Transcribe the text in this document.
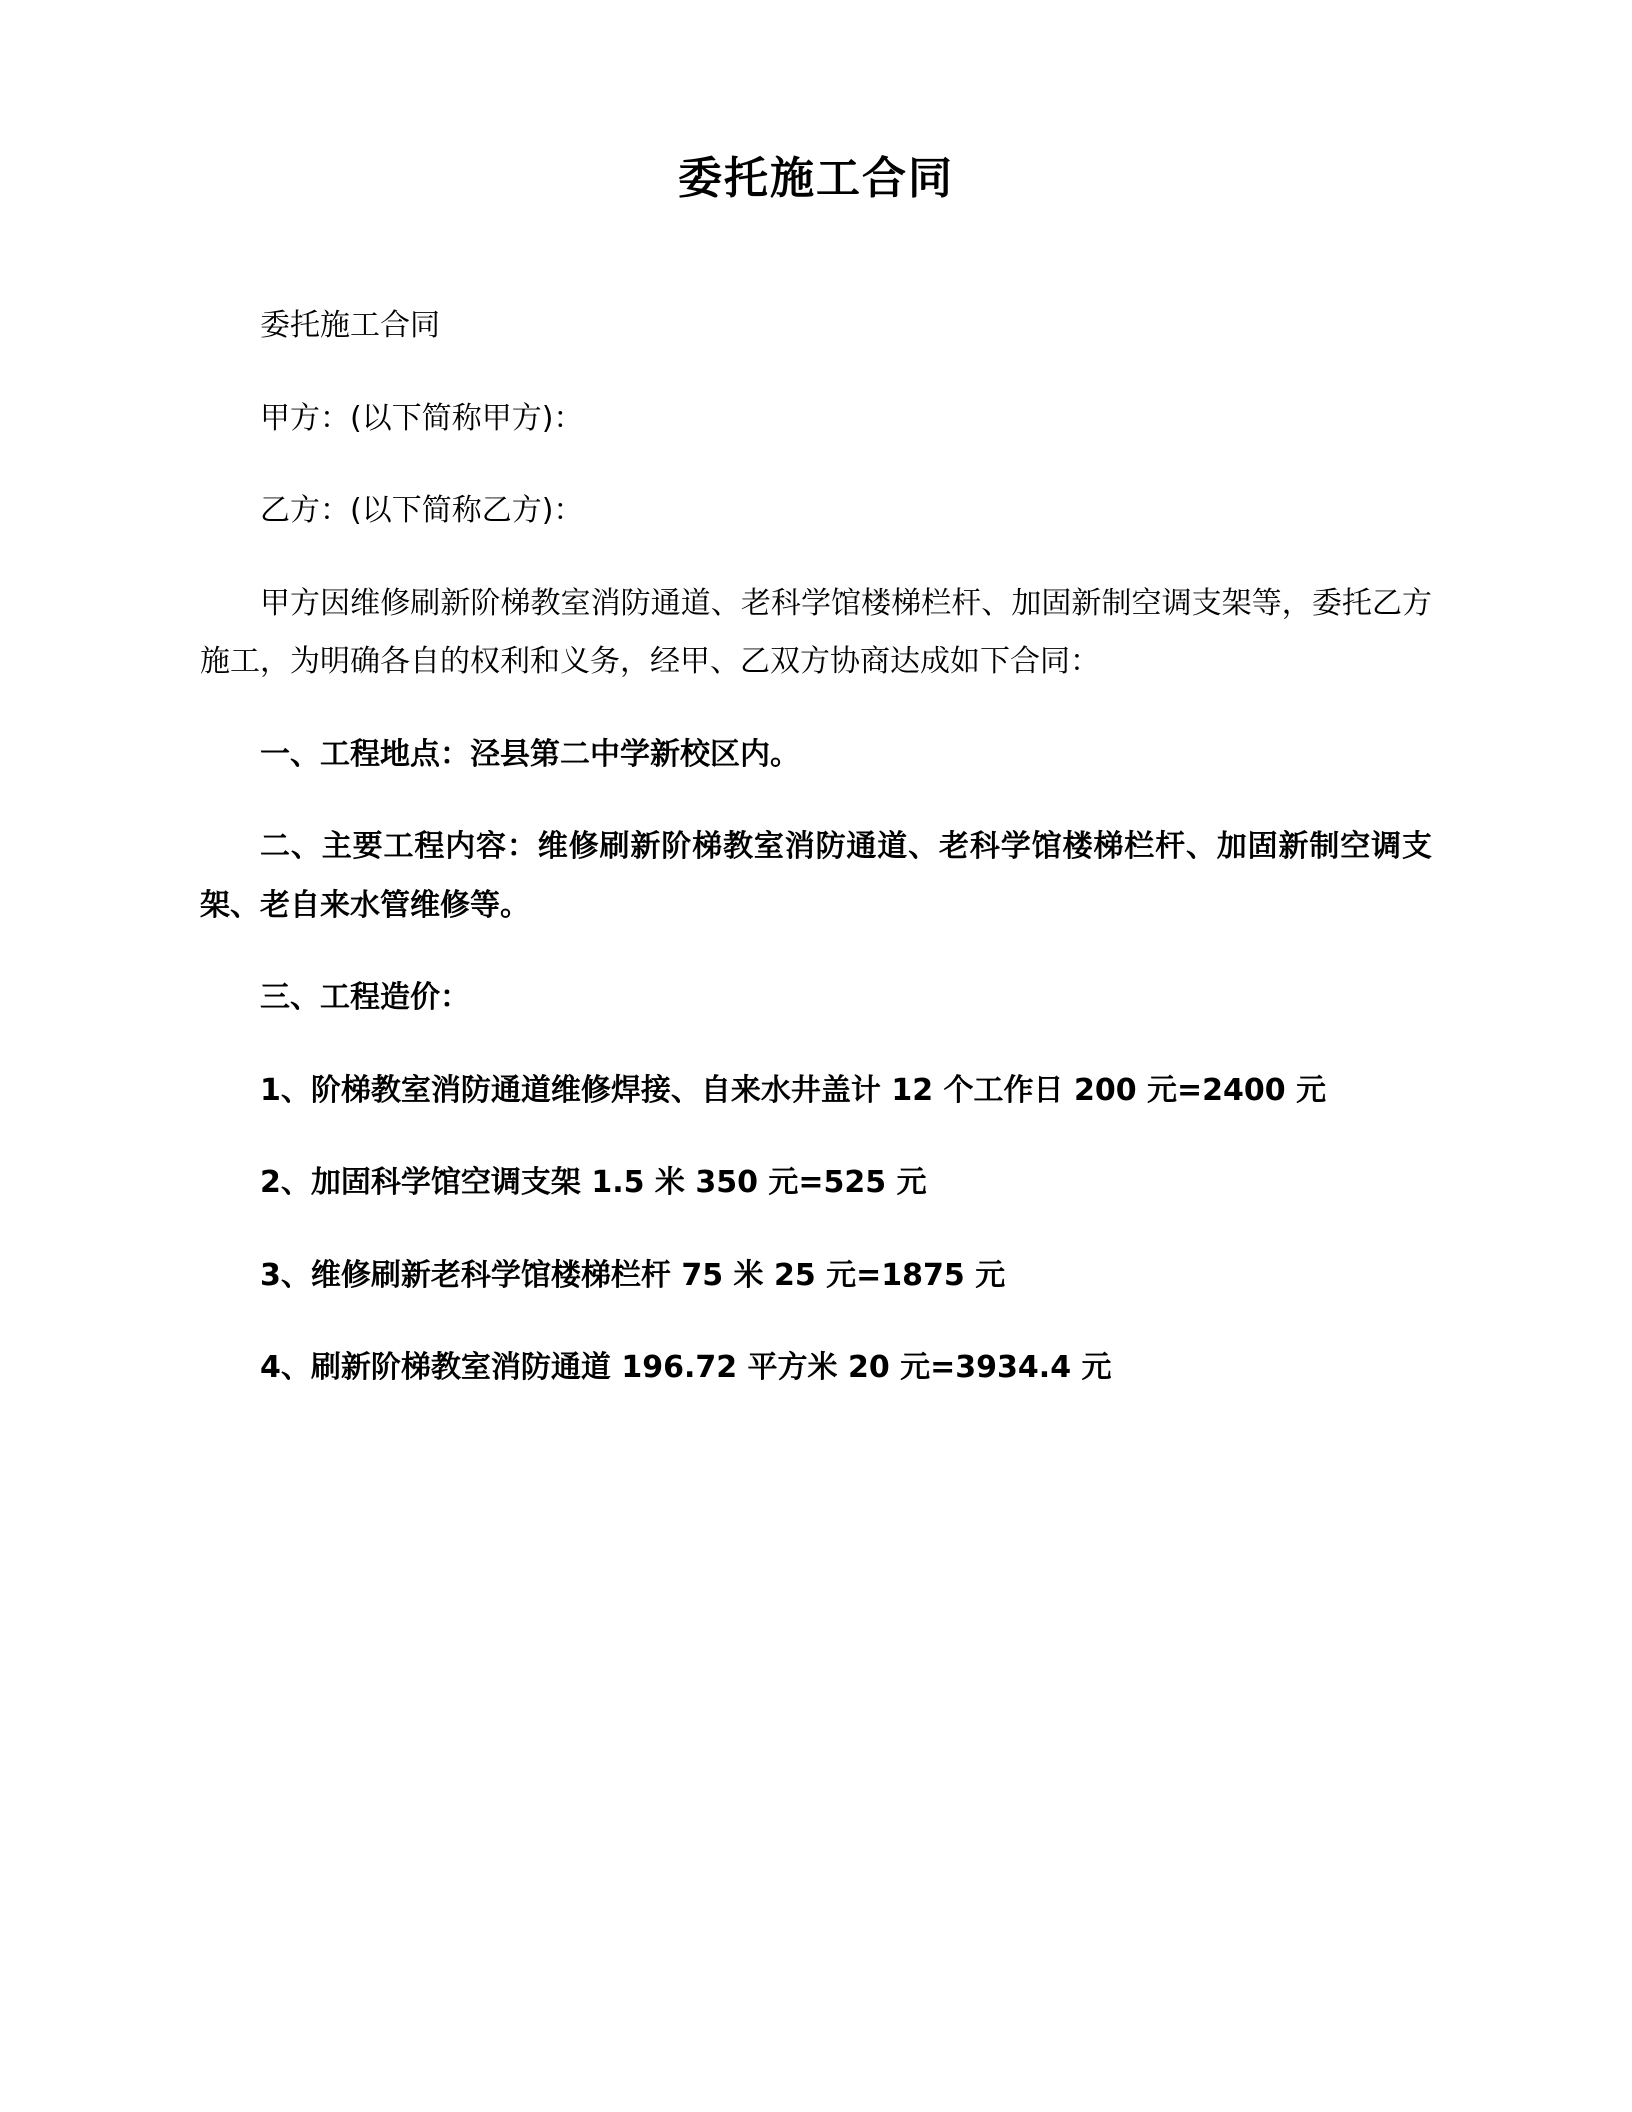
委托施工合同

委托施工合同

甲方：(以下简称甲方)：

乙方：(以下简称乙方)：

甲方因维修刷新阶梯教室消防通道、老科学馆楼梯栏杆、加固新制空调支架等，委托乙方施工，为明确各自的权利和义务，经甲、乙双方协商达成如下合同：

一、工程地点：泾县第二中学新校区内。

二、主要工程内容：维修刷新阶梯教室消防通道、老科学馆楼梯栏杆、加固新制空调支架、老自来水管维修等。

三、工程造价：

1、阶梯教室消防通道维修焊接、自来水井盖计 12 个工作日 200 元=2400 元

2、加固科学馆空调支架 1.5 米 350 元=525 元

3、维修刷新老科学馆楼梯栏杆 75 米 25 元=1875 元

4、刷新阶梯教室消防通道 196.72 平方米 20 元=3934.4 元
